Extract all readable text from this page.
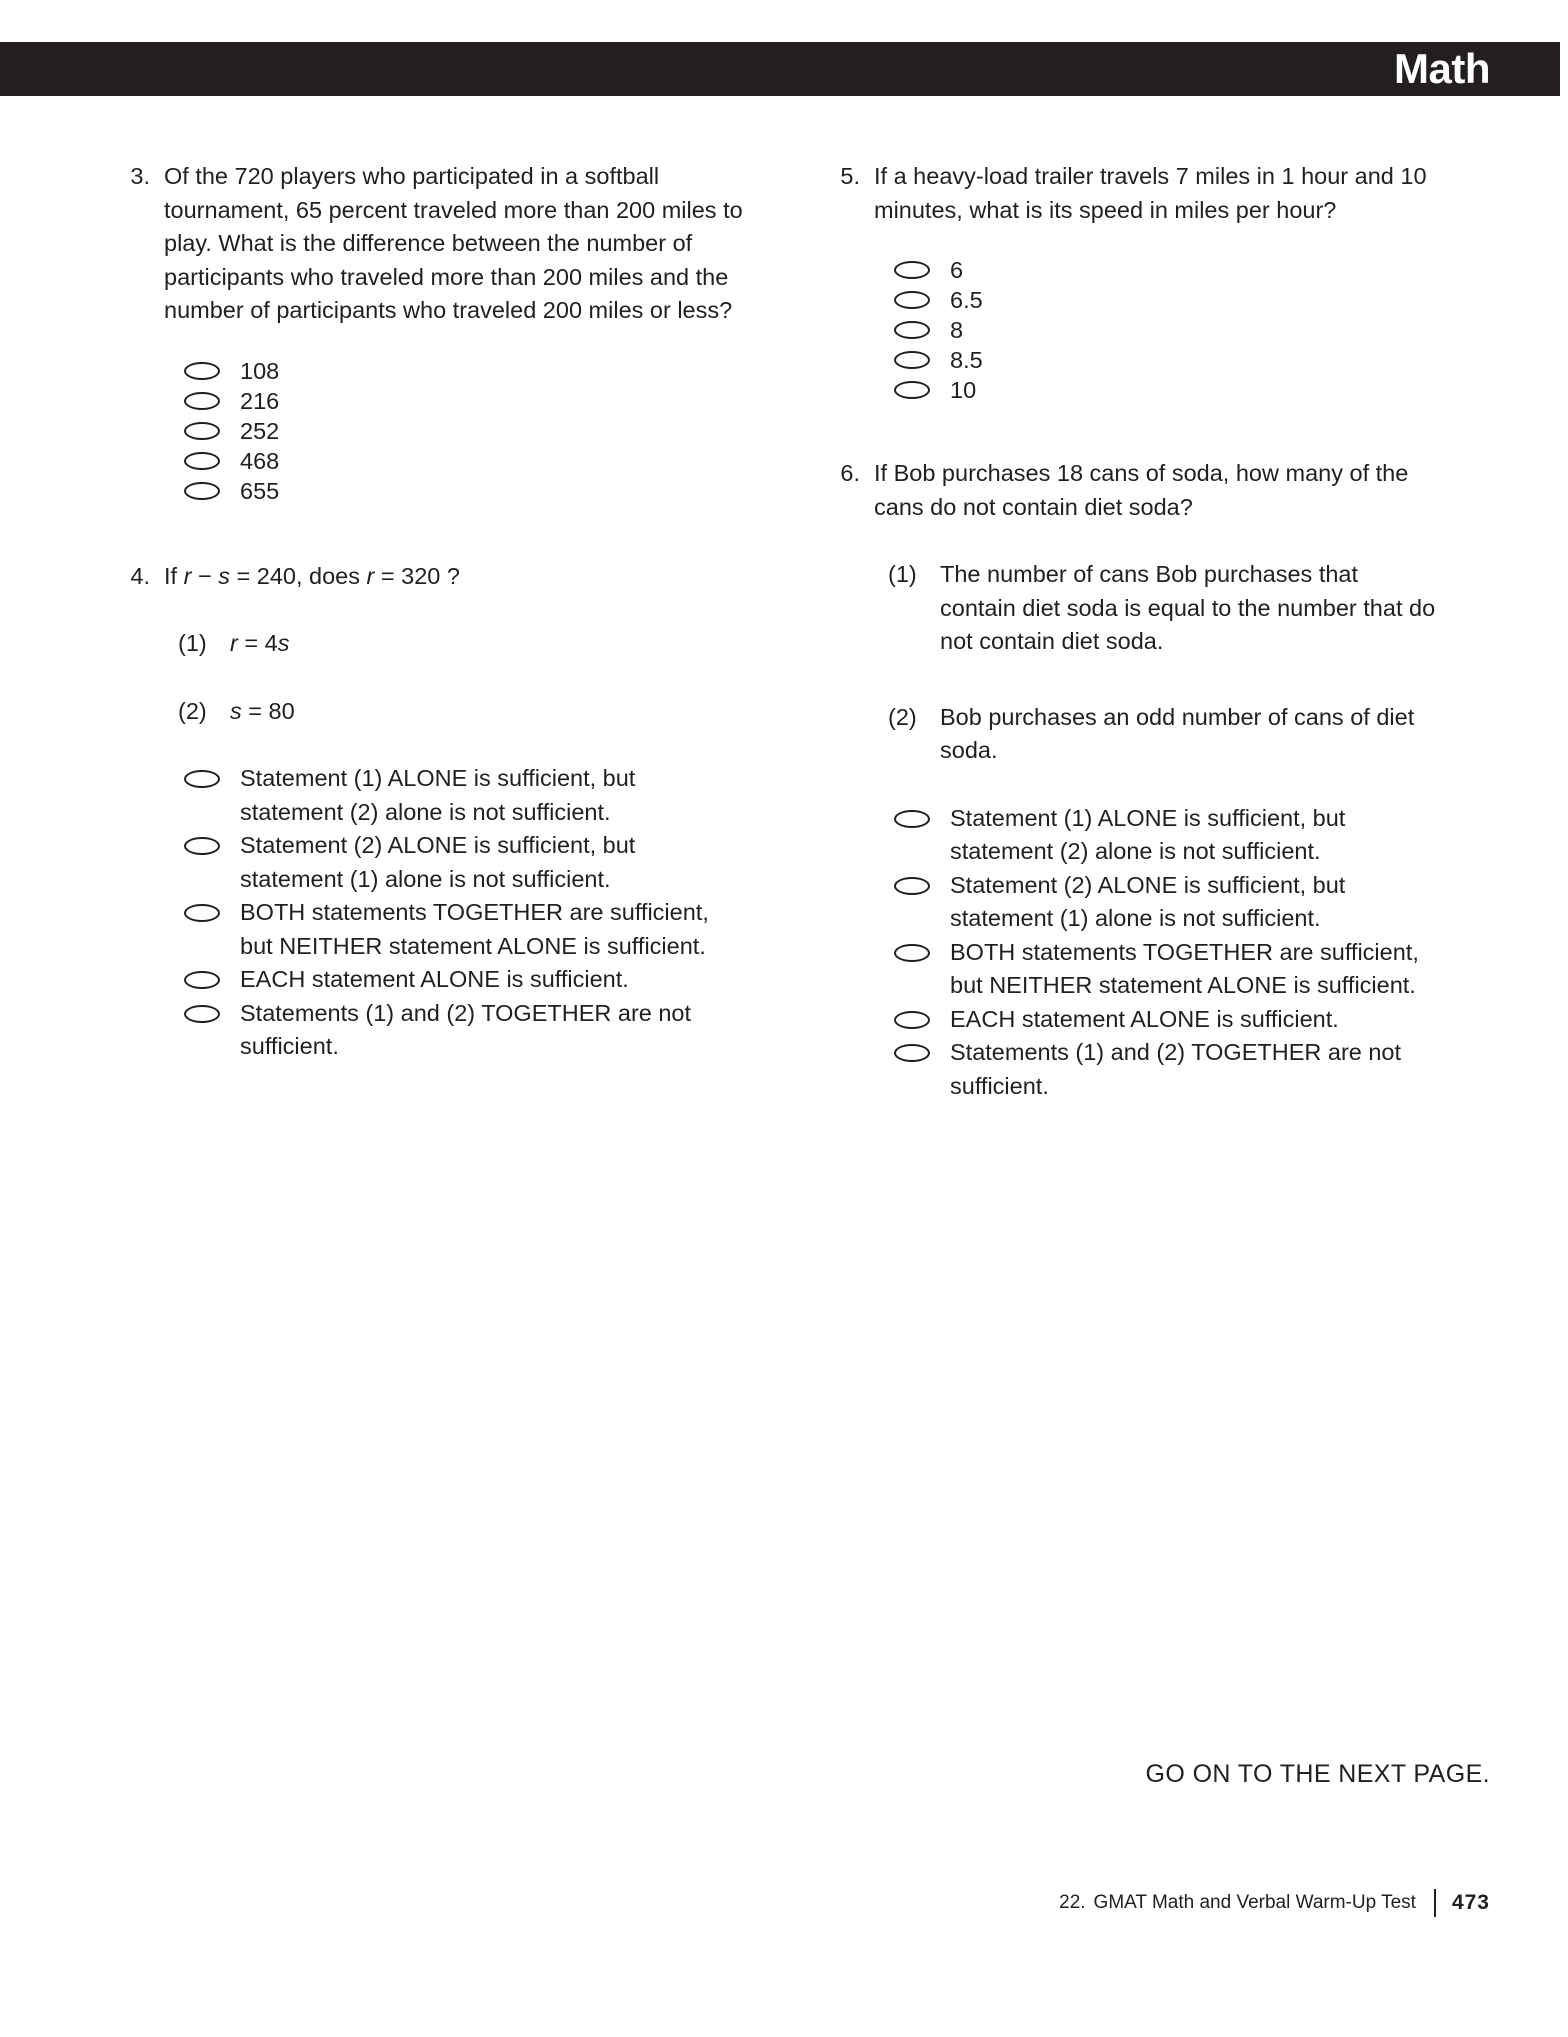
Math
3. Of the 720 players who participated in a softball tournament, 65 percent traveled more than 200 miles to play. What is the difference between the number of participants who traveled more than 200 miles and the number of participants who traveled 200 miles or less?
108
216
252
468
655
4. If r − s = 240, does r = 320 ?
(1) r = 4s
(2) s = 80
Statement (1) ALONE is sufficient, but statement (2) alone is not sufficient.
Statement (2) ALONE is sufficient, but statement (1) alone is not sufficient.
BOTH statements TOGETHER are sufficient, but NEITHER statement ALONE is sufficient.
EACH statement ALONE is sufficient.
Statements (1) and (2) TOGETHER are not sufficient.
5. If a heavy-load trailer travels 7 miles in 1 hour and 10 minutes, what is its speed in miles per hour?
6
6.5
8
8.5
10
6. If Bob purchases 18 cans of soda, how many of the cans do not contain diet soda?
(1) The number of cans Bob purchases that contain diet soda is equal to the number that do not contain diet soda.
(2) Bob purchases an odd number of cans of diet soda.
Statement (1) ALONE is sufficient, but statement (2) alone is not sufficient.
Statement (2) ALONE is sufficient, but statement (1) alone is not sufficient.
BOTH statements TOGETHER are sufficient, but NEITHER statement ALONE is sufficient.
EACH statement ALONE is sufficient.
Statements (1) and (2) TOGETHER are not sufficient.
GO ON TO THE NEXT PAGE.
22. GMAT Math and Verbal Warm-Up Test 473
